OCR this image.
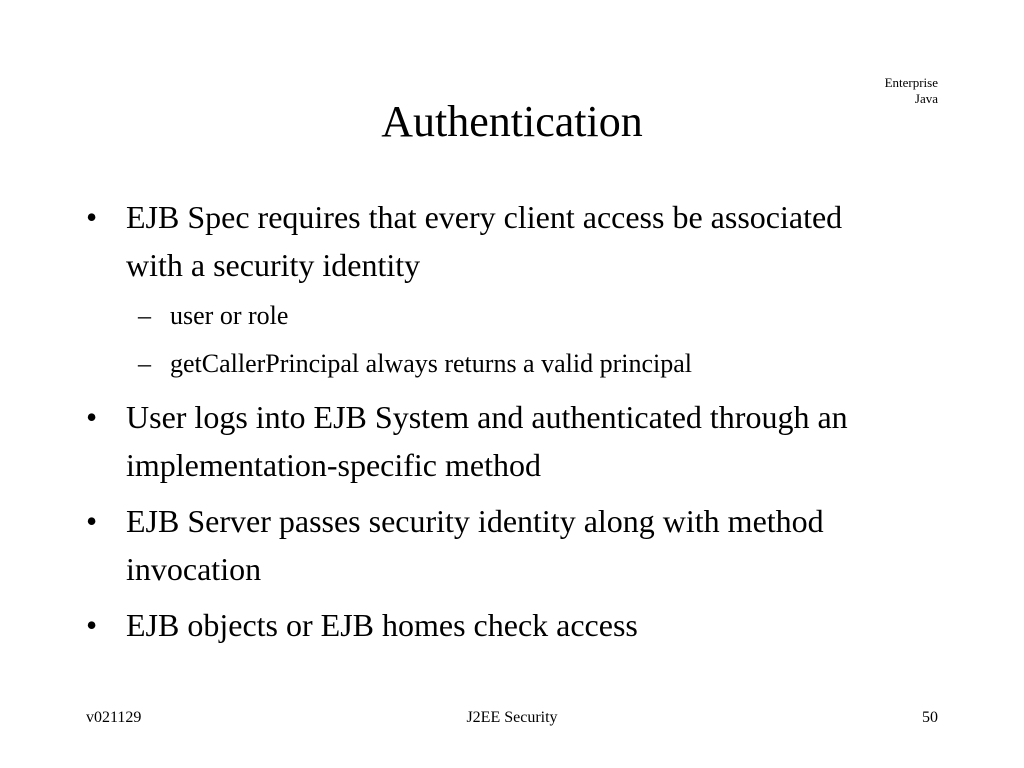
Enterprise
Java
Authentication
• EJB Spec requires that every client access be associated with a security identity
– user or role
– getCallerPrincipal always returns a valid principal
• User logs into EJB System and authenticated through an implementation-specific method
• EJB Server passes security identity along with method invocation
• EJB objects or EJB homes check access
v021129	J2EE Security	50
